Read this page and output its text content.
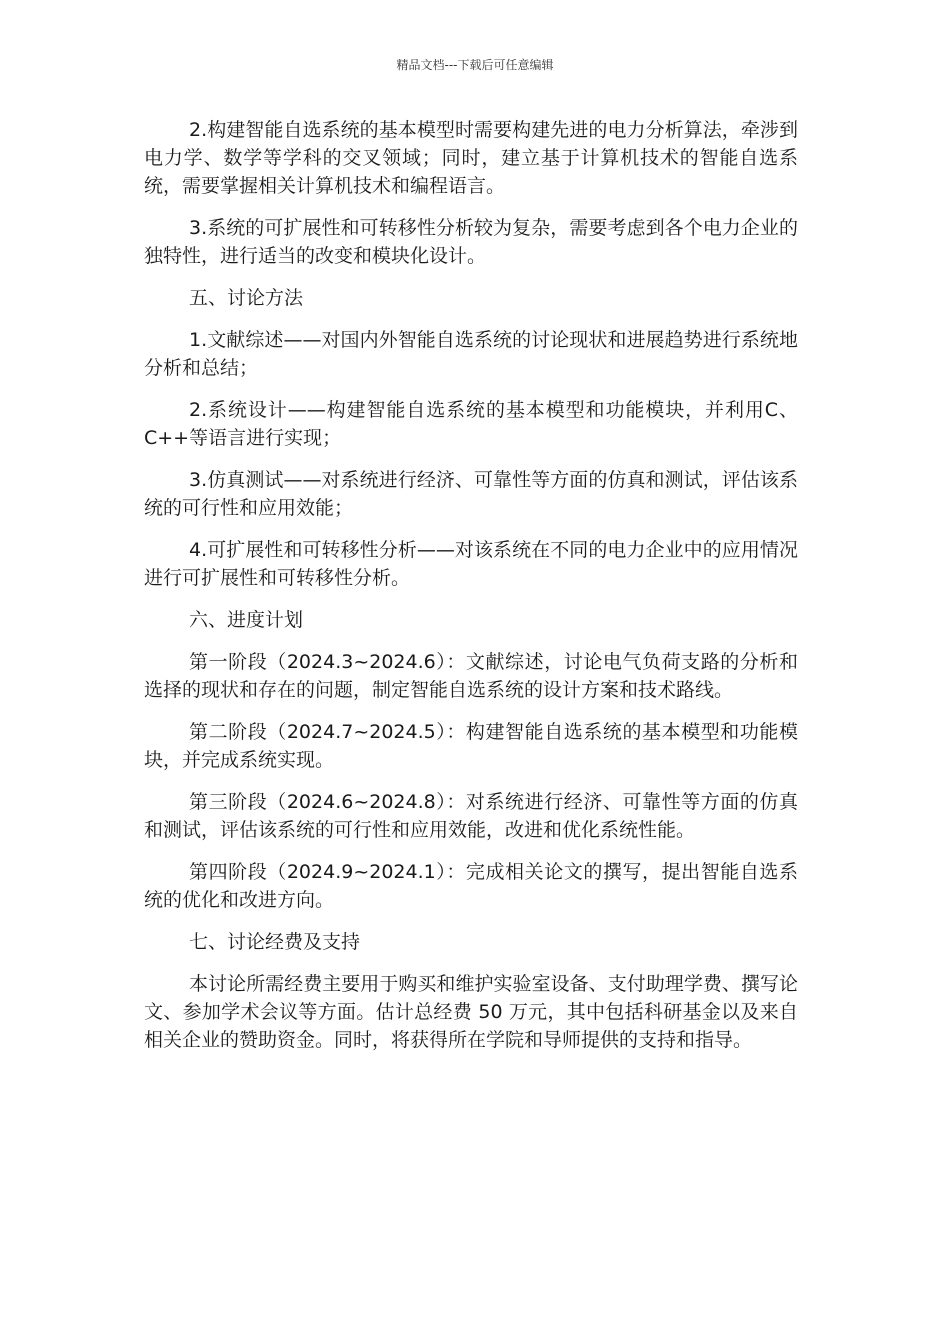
精品文档---下载后可任意编辑

2.构建智能自选系统的基本模型时需要构建先进的电力分析算法，牵涉到电力学、数学等学科的交叉领域；同时，建立基于计算机技术的智能自选系统，需要掌握相关计算机技术和编程语言。

3.系统的可扩展性和可转移性分析较为复杂，需要考虑到各个电力企业的独特性，进行适当的改变和模块化设计。

五、讨论方法

1.文献综述——对国内外智能自选系统的讨论现状和进展趋势进行系统地分析和总结；

2.系统设计——构建智能自选系统的基本模型和功能模块，并利用C、C++等语言进行实现；

3.仿真测试——对系统进行经济、可靠性等方面的仿真和测试，评估该系统的可行性和应用效能；

4.可扩展性和可转移性分析——对该系统在不同的电力企业中的应用情况进行可扩展性和可转移性分析。

六、进度计划

第一阶段（2024.3~2024.6）：文献综述，讨论电气负荷支路的分析和选择的现状和存在的问题，制定智能自选系统的设计方案和技术路线。

第二阶段（2024.7~2024.5）：构建智能自选系统的基本模型和功能模块，并完成系统实现。

第三阶段（2024.6~2024.8）：对系统进行经济、可靠性等方面的仿真和测试，评估该系统的可行性和应用效能，改进和优化系统性能。

第四阶段（2024.9~2024.1）：完成相关论文的撰写，提出智能自选系统的优化和改进方向。

七、讨论经费及支持

本讨论所需经费主要用于购买和维护实验室设备、支付助理学费、撰写论文、参加学术会议等方面。估计总经费 50 万元，其中包括科研基金以及来自相关企业的赞助资金。同时，将获得所在学院和导师提供的支持和指导。
